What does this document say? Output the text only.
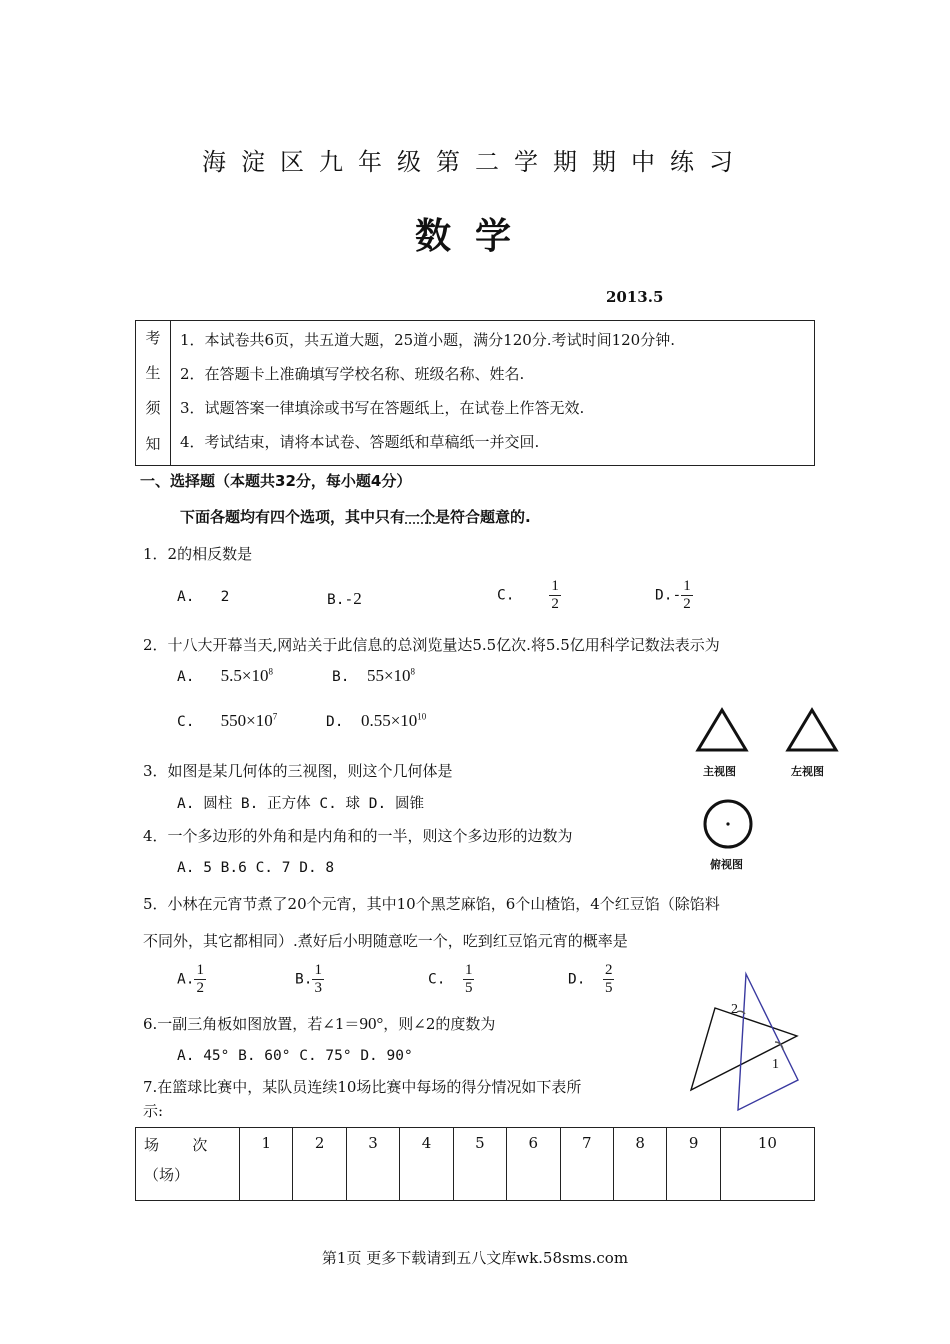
海淀区九年级第二学期期中练习
数学
2013.5
考
生
须
知
1．本试卷共6页，共五道大题，25道小题，满分120分.考试时间120分钟.
2．在答题卡上准确填写学校名称、班级名称、姓名.
3．试题答案一律填涂或书写在答题纸上，在试卷上作答无效.
4．考试结束，请将本试卷、答题纸和草稿纸一并交回.
一、选择题（本题共32分，每小题4分）
下面各题均有四个选项，其中只有一个是符合题意的.
1．2的相反数是
A. 2	B.-2	C. $\frac{1}{2}$	$D.- \frac{1}{2}$
2．十八大开幕当天,网站关于此信息的总浏览量达5.5亿次.将5.5亿用科学记数法表示为
A. $5.5\times 10^8$	B. $55\times 10^8$
C. $550\times 10^7$	D. $0.55\times 10^{10}$
主视图	左视图
俯视图
3．如图是某几何体的三视图，则这个几何体是
A. 圆柱 B. 正方体 C. 球 D. 圆锥
4．一个多边形的外角和是内角和的一半，则这个多边形的边数为
A. 5 B.6 C. 7 D. 8
5．小林在元宵节煮了20个元宵，其中10个黑芝麻馅，6个山楂馅，4个红豆馅（除馅料
不同外，其它都相同）.煮好后小明随意吃一个，吃到红豆馅元宵的概率是
A. $\frac{1}{2}$	B. $\frac{1}{3}$	C. $\frac{1}{5}$	D. $\frac{2}{5}$
6.一副三角板如图放置，若∠1＝90°，则∠2的度数为
A. 45° B. 60° C. 75° D. 90°
1
2
7.在篮球比赛中，某队员连续10场比赛中每场的得分情况如下表所
示:
场       次
（场）
	1	2	3	4	5	6	7	8	9	10
第1页 更多下载请到五八文库wk.58sms.com
